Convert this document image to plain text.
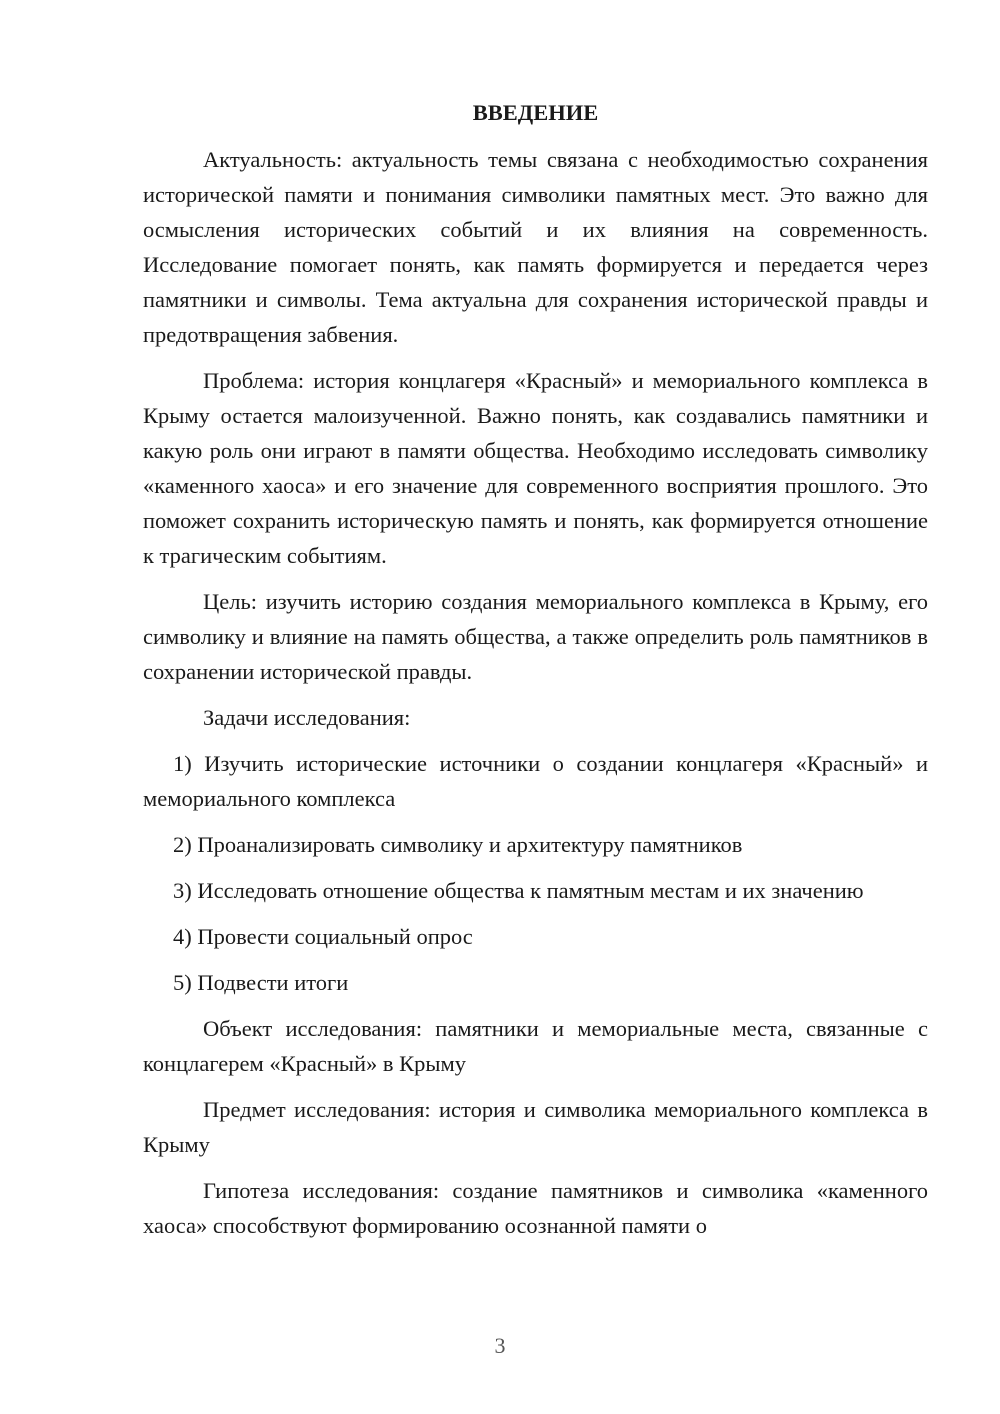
ВВЕДЕНИЕ

Актуальность: актуальность темы связана с необходимостью сохранения исторической памяти и понимания символики памятных мест. Это важно для осмысления исторических событий и их влияния на современность. Исследование помогает понять, как память формируется и передается через памятники и символы. Тема актуальна для сохранения исторической правды и предотвращения забвения.

Проблема: история концлагеря «Красный» и мемориального комплекса в Крыму остается малоизученной. Важно понять, как создавались памятники и какую роль они играют в памяти общества. Необходимо исследовать символику «каменного хаоса» и его значение для современного восприятия прошлого. Это поможет сохранить историческую память и понять, как формируется отношение к трагическим событиям.

Цель: изучить историю создания мемориального комплекса в Крыму, его символику и влияние на память общества, а также определить роль памятников в сохранении исторической правды.

Задачи исследования:

1) Изучить исторические источники о создании концлагеря «Красный» и мемориального комплекса

2) Проанализировать символику и архитектуру памятников

3) Исследовать отношение общества к памятным местам и их значению

4) Провести социальный опрос

5) Подвести итоги

Объект исследования: памятники и мемориальные места, связанные с концлагерем «Красный» в Крыму

Предмет исследования: история и символика мемориального комплекса в Крыму

Гипотеза исследования: создание памятников и символика «каменного хаоса» способствуют формированию осознанной памяти о

3
